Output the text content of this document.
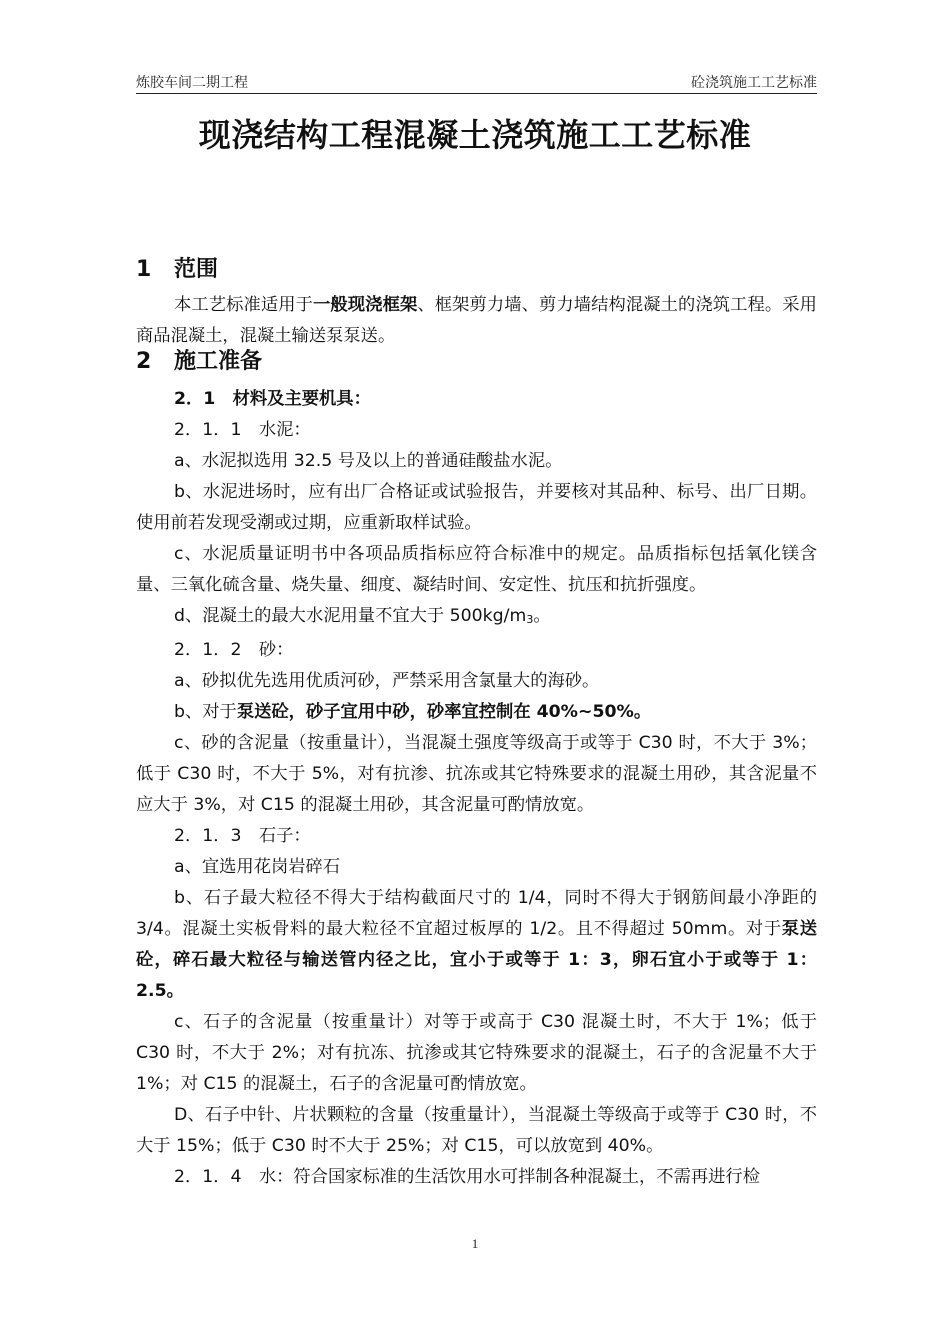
炼胶车间二期工程	砼浇筑施工工艺标准
现浇结构工程混凝土浇筑施工工艺标准
1 范围
本工艺标准适用于一般现浇框架、框架剪力墙、剪力墙结构混凝土的浇筑工程。采用商品混凝土，混凝土输送泵泵送。
2 施工准备
2．1　材料及主要机具：
2．1．1　水泥：
a、水泥拟选用 32.5 号及以上的普通硅酸盐水泥。
b、水泥进场时，应有出厂合格证或试验报告，并要核对其品种、标号、出厂日期。使用前若发现受潮或过期，应重新取样试验。
c、水泥质量证明书中各项品质指标应符合标准中的规定。品质指标包括氧化镁含量、三氧化硫含量、烧失量、细度、凝结时间、安定性、抗压和抗折强度。
d、混凝土的最大水泥用量不宜大于 $500kg/m_3$。
2．1．2　砂：
a、砂拟优先选用优质河砂，严禁采用含氯量大的海砂。
b、对于泵送砼，砂子宜用中砂，砂率宜控制在 40%~50%。
c、砂的含泥量（按重量计），当混凝土强度等级高于或等于 C30 时，不大于 3%；低于 C30 时，不大于 5%，对有抗渗、抗冻或其它特殊要求的混凝土用砂，其含泥量不应大于 3%，对 C15 的混凝土用砂，其含泥量可酌情放宽。
2．1．3　石子：
a、宜选用花岗岩碎石
b、石子最大粒径不得大于结构截面尺寸的 1/4，同时不得大于钢筋间最小净距的 3/4。混凝土实板骨料的最大粒径不宜超过板厚的 1/2。且不得超过 50mm。对于泵送砼，碎石最大粒径与输送管内径之比，宜小于或等于 1：3，卵石宜小于或等于 1：2.5。
c、石子的含泥量（按重量计）对等于或高于 C30 混凝土时，不大于 1%；低于 C30 时，不大于 2%；对有抗冻、抗渗或其它特殊要求的混凝土，石子的含泥量不大于 1%；对 C15 的混凝土，石子的含泥量可酌情放宽。
D、石子中针、片状颗粒的含量（按重量计），当混凝土等级高于或等于 C30 时，不大于 15%；低于 C30 时不大于 25%；对 C15，可以放宽到 40%。
2．1．4　水：符合国家标准的生活饮用水可拌制各种混凝土，不需再进行检
1
